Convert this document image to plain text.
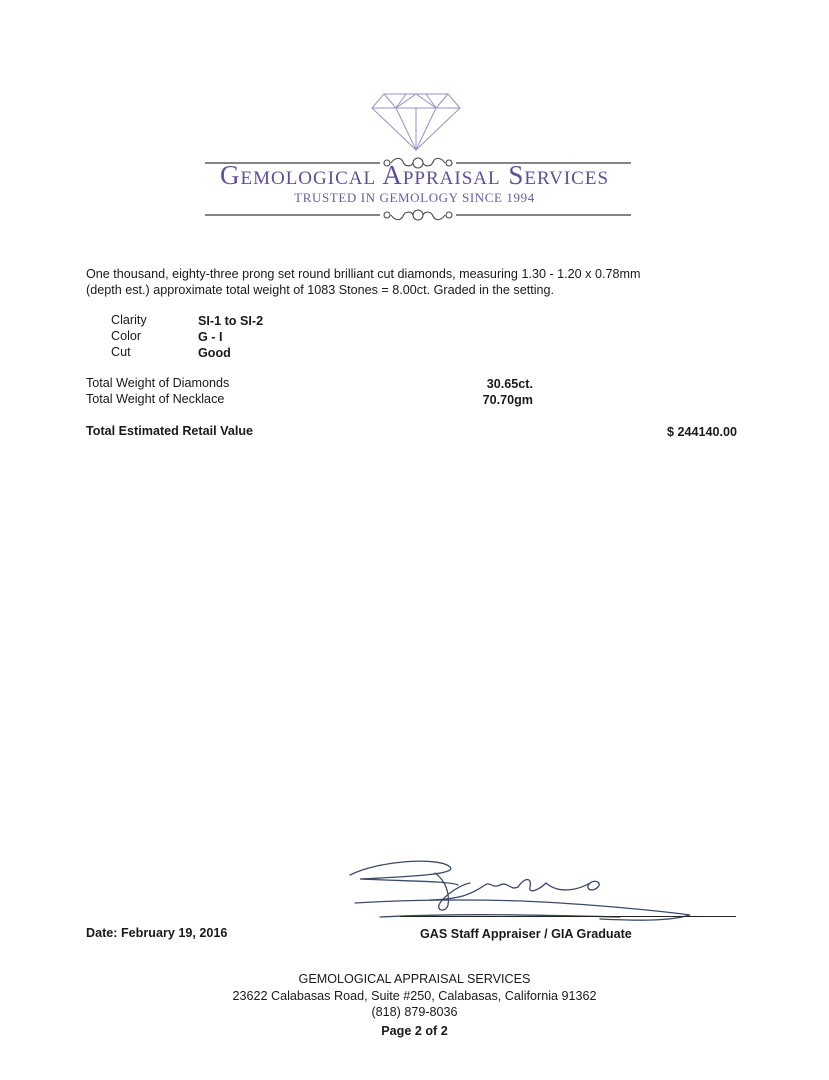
Gemological Appraisal Services
TRUSTED IN GEMOLOGY SINCE 1994
One thousand, eighty-three prong set round brilliant cut diamonds, measuring 1.30 - 1.20 x 0.78mm
(depth est.) approximate total weight of 1083 Stones = 8.00ct. Graded in the setting.
Clarity	SI-1 to SI-2
Color	G - I
Cut	Good
Total Weight of Diamonds	30.65ct.
Total Weight of Necklace	70.70gm
Total Estimated Retail Value	$ 244140.00
Date: February 19, 2016	GAS Staff Appraiser / GIA Graduate
GEMOLOGICAL APPRAISAL SERVICES
23622 Calabasas Road, Suite #250, Calabasas, California 91362
(818) 879-8036
Page 2 of 2
